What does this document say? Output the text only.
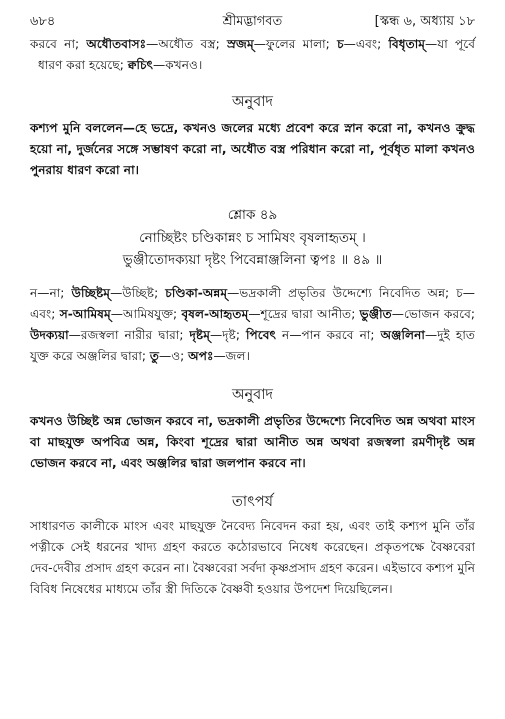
৬৮৪	শ্রীমদ্ভাগবত	[স্কন্ধ ৬, অধ্যায় ১৮

করবে না; অধৌতবাসঃ—অধৌত বস্ত্র; স্রজম্—ফুলের মালা; চ—এবং; বিধৃতাম্—যা পূর্বে ধারণ করা হয়েছে; ক্বচিৎ—কখনও।

অনুবাদ

কশ্যপ মুনি বললেন—হে ভদ্রে, কখনও জলের মধ্যে প্রবেশ করে স্নান করো না, কখনও ক্রুদ্ধ হয়ো না, দুর্জনের সঙ্গে সম্ভাষণ করো না, অধৌত বস্ত্র পরিধান করো না, পূর্বধৃত মালা কখনও পুনরায় ধারণ করো না।

শ্লোক ৪৯
নোচ্ছিষ্টং চণ্ডিকান্নং চ সামিষং বৃষলাহৃতম্ ।
ভুঞ্জীতোদক্যয়া দৃষ্টং পিবেন্নাঞ্জলিনা ত্বপঃ ॥ ৪৯ ॥

ন—না; উচ্ছিষ্টম্—উচ্ছিষ্ট; চণ্ডিকা-অন্নম্—ভদ্রকালী প্রভৃতির উদ্দেশ্যে নিবেদিত অন্ন; চ—এবং; স-আমিষম্—আমিষযুক্ত; বৃষল-আহৃতম্—শূদ্রের দ্বারা আনীত; ভুঞ্জীত—ভোজন করবে; উদক্যয়া—রজস্বলা নারীর দ্বারা; দৃষ্টম্—দৃষ্ট; পিবেৎ ন—পান করবে না; অঞ্জলিনা—দুই হাত যুক্ত করে অঞ্জলির দ্বারা; তু—ও; অপঃ—জল।

অনুবাদ

কখনও উচ্ছিষ্ট অন্ন ভোজন করবে না, ভদ্রকালী প্রভৃতির উদ্দেশ্যে নিবেদিত অন্ন অথবা মাংস বা মাছযুক্ত অপবিত্র অন্ন, কিংবা শূদ্রের দ্বারা আনীত অন্ন অথবা রজস্বলা রমণীদৃষ্ট অন্ন ভোজন করবে না, এবং অঞ্জলির দ্বারা জলপান করবে না।

তাৎপর্য

সাধারণত কালীকে মাংস এবং মাছযুক্ত নৈবেদ্য নিবেদন করা হয়, এবং তাই কশ্যপ মুনি তাঁর পত্নীকে সেই ধরনের খাদ্য গ্রহণ করতে কঠোরভাবে নিষেধ করেছেন। প্রকৃতপক্ষে বৈষ্ণবেরা দেব-দেবীর প্রসাদ গ্রহণ করেন না। বৈষ্ণবেরা সর্বদা কৃষ্ণপ্রসাদ গ্রহণ করেন। এইভাবে কশ্যপ মুনি বিবিধ নিষেধের মাধ্যমে তাঁর স্ত্রী দিতিকে বৈষ্ণবী হওয়ার উপদেশ দিয়েছিলেন।
